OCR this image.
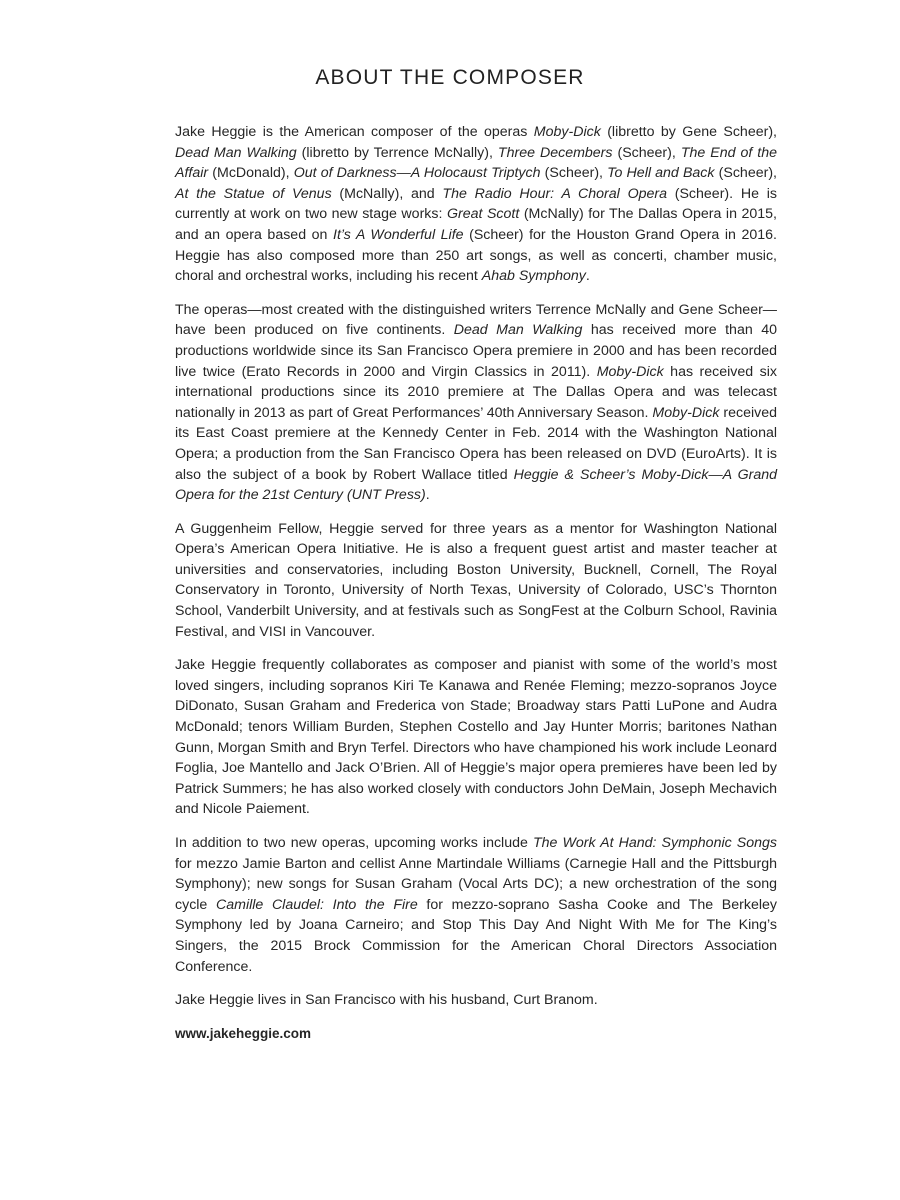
ABOUT THE COMPOSER

Jake Heggie is the American composer of the operas Moby-Dick (libretto by Gene Scheer), Dead Man Walking (libretto by Terrence McNally), Three Decembers (Scheer), The End of the Affair (McDonald), Out of Darkness—A Holocaust Triptych (Scheer), To Hell and Back (Scheer), At the Statue of Venus (McNally), and The Radio Hour: A Choral Opera (Scheer). He is currently at work on two new stage works: Great Scott (McNally) for The Dallas Opera in 2015, and an opera based on It’s A Wonderful Life (Scheer) for the Houston Grand Opera in 2016. Heggie has also composed more than 250 art songs, as well as concerti, chamber music, choral and orchestral works, including his recent Ahab Symphony.

The operas—most created with the distinguished writers Terrence McNally and Gene Scheer—have been produced on five continents. Dead Man Walking has received more than 40 productions worldwide since its San Francisco Opera premiere in 2000 and has been recorded live twice (Erato Records in 2000 and Virgin Classics in 2011). Moby-Dick has received six international productions since its 2010 premiere at The Dallas Opera and was telecast nationally in 2013 as part of Great Performances’ 40th Anniversary Season. Moby-Dick received its East Coast premiere at the Kennedy Center in Feb. 2014 with the Washington National Opera; a production from the San Francisco Opera has been released on DVD (EuroArts). It is also the subject of a book by Robert Wallace titled Heggie & Scheer’s Moby-Dick—A Grand Opera for the 21st Century (UNT Press).

A Guggenheim Fellow, Heggie served for three years as a mentor for Washington National Opera’s American Opera Initiative. He is also a frequent guest artist and master teacher at universities and conservatories, including Boston University, Bucknell, Cornell, The Royal Conservatory in Toronto, University of North Texas, University of Colorado, USC’s Thornton School, Vanderbilt University, and at festivals such as SongFest at the Colburn School, Ravinia Festival, and VISI in Vancouver.

Jake Heggie frequently collaborates as composer and pianist with some of the world’s most loved singers, including sopranos Kiri Te Kanawa and Renée Fleming; mezzo-sopranos Joyce DiDonato, Susan Graham and Frederica von Stade; Broadway stars Patti LuPone and Audra McDonald; tenors William Burden, Stephen Costello and Jay Hunter Morris; baritones Nathan Gunn, Morgan Smith and Bryn Terfel. Directors who have championed his work include Leonard Foglia, Joe Mantello and Jack O’Brien. All of Heggie’s major opera premieres have been led by Patrick Summers; he has also worked closely with conductors John DeMain, Joseph Mechavich and Nicole Paiement.

In addition to two new operas, upcoming works include The Work At Hand: Symphonic Songs for mezzo Jamie Barton and cellist Anne Martindale Williams (Carnegie Hall and the Pittsburgh Symphony); new songs for Susan Graham (Vocal Arts DC); a new orchestration of the song cycle Camille Claudel: Into the Fire for mezzo-soprano Sasha Cooke and The Berkeley Symphony led by Joana Carneiro; and Stop This Day And Night With Me for The King’s Singers, the 2015 Brock Commission for the American Choral Directors Association Conference.

Jake Heggie lives in San Francisco with his husband, Curt Branom.

www.jakeheggie.com
